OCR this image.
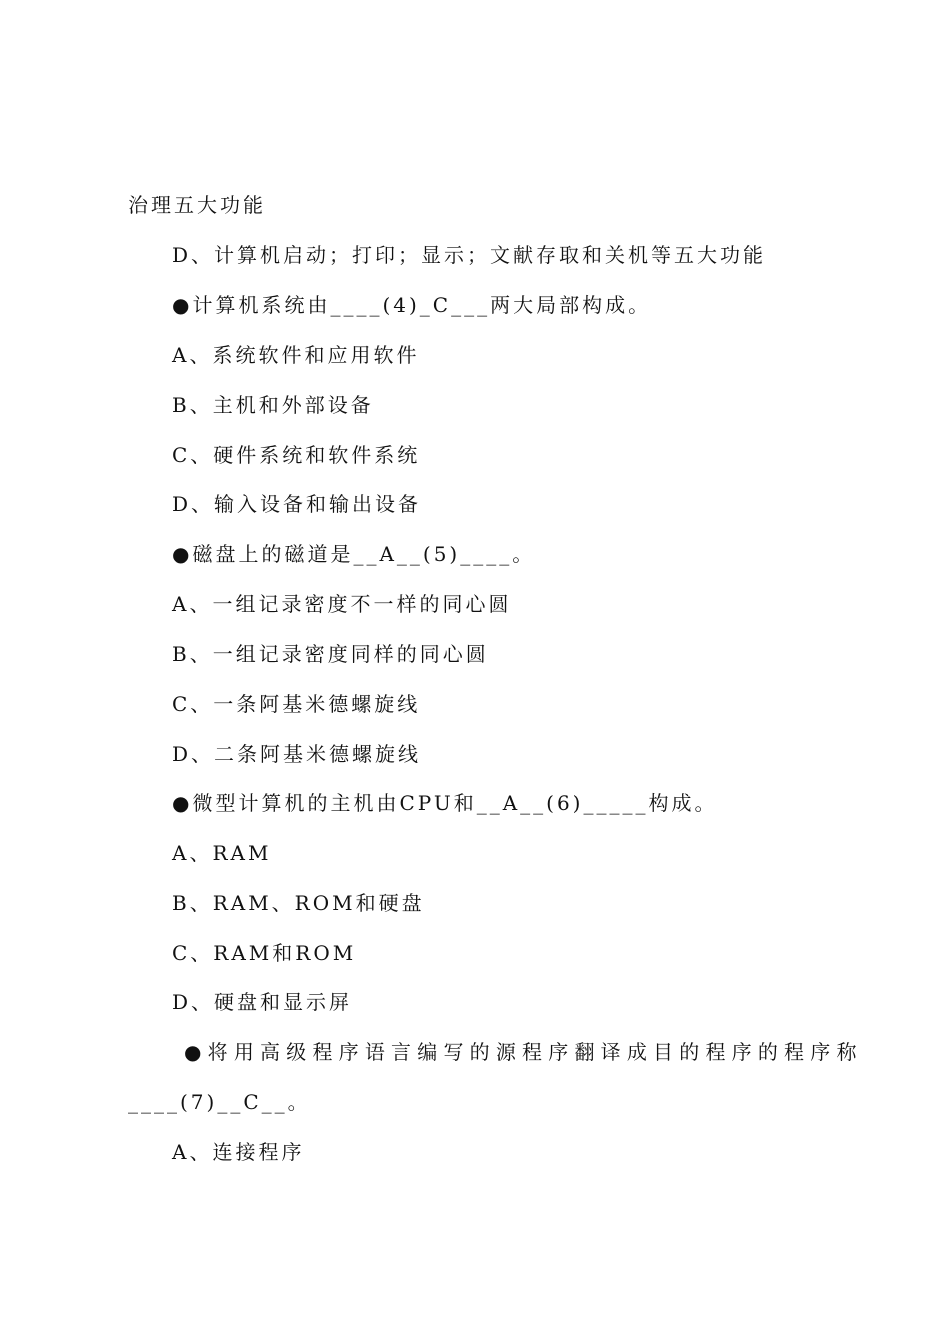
治理五大功能
D、计算机启动；打印；显示；文献存取和关机等五大功能
●计算机系统由____(4)_C___两大局部构成。
A、系统软件和应用软件
B、主机和外部设备
C、硬件系统和软件系统
D、输入设备和输出设备
●磁盘上的磁道是__A__(5)____。
A、一组记录密度不一样的同心圆
B、一组记录密度同样的同心圆
C、一条阿基米德螺旋线
D、二条阿基米德螺旋线
●微型计算机的主机由CPU和__A__(6)_____构成。
A、RAM
B、RAM、ROM和硬盘
C、RAM和ROM
D、硬盘和显示屏
●将用高级程序语言编写的源程序翻译成目的程序的程序称
____(7)__C__。
A、连接程序
